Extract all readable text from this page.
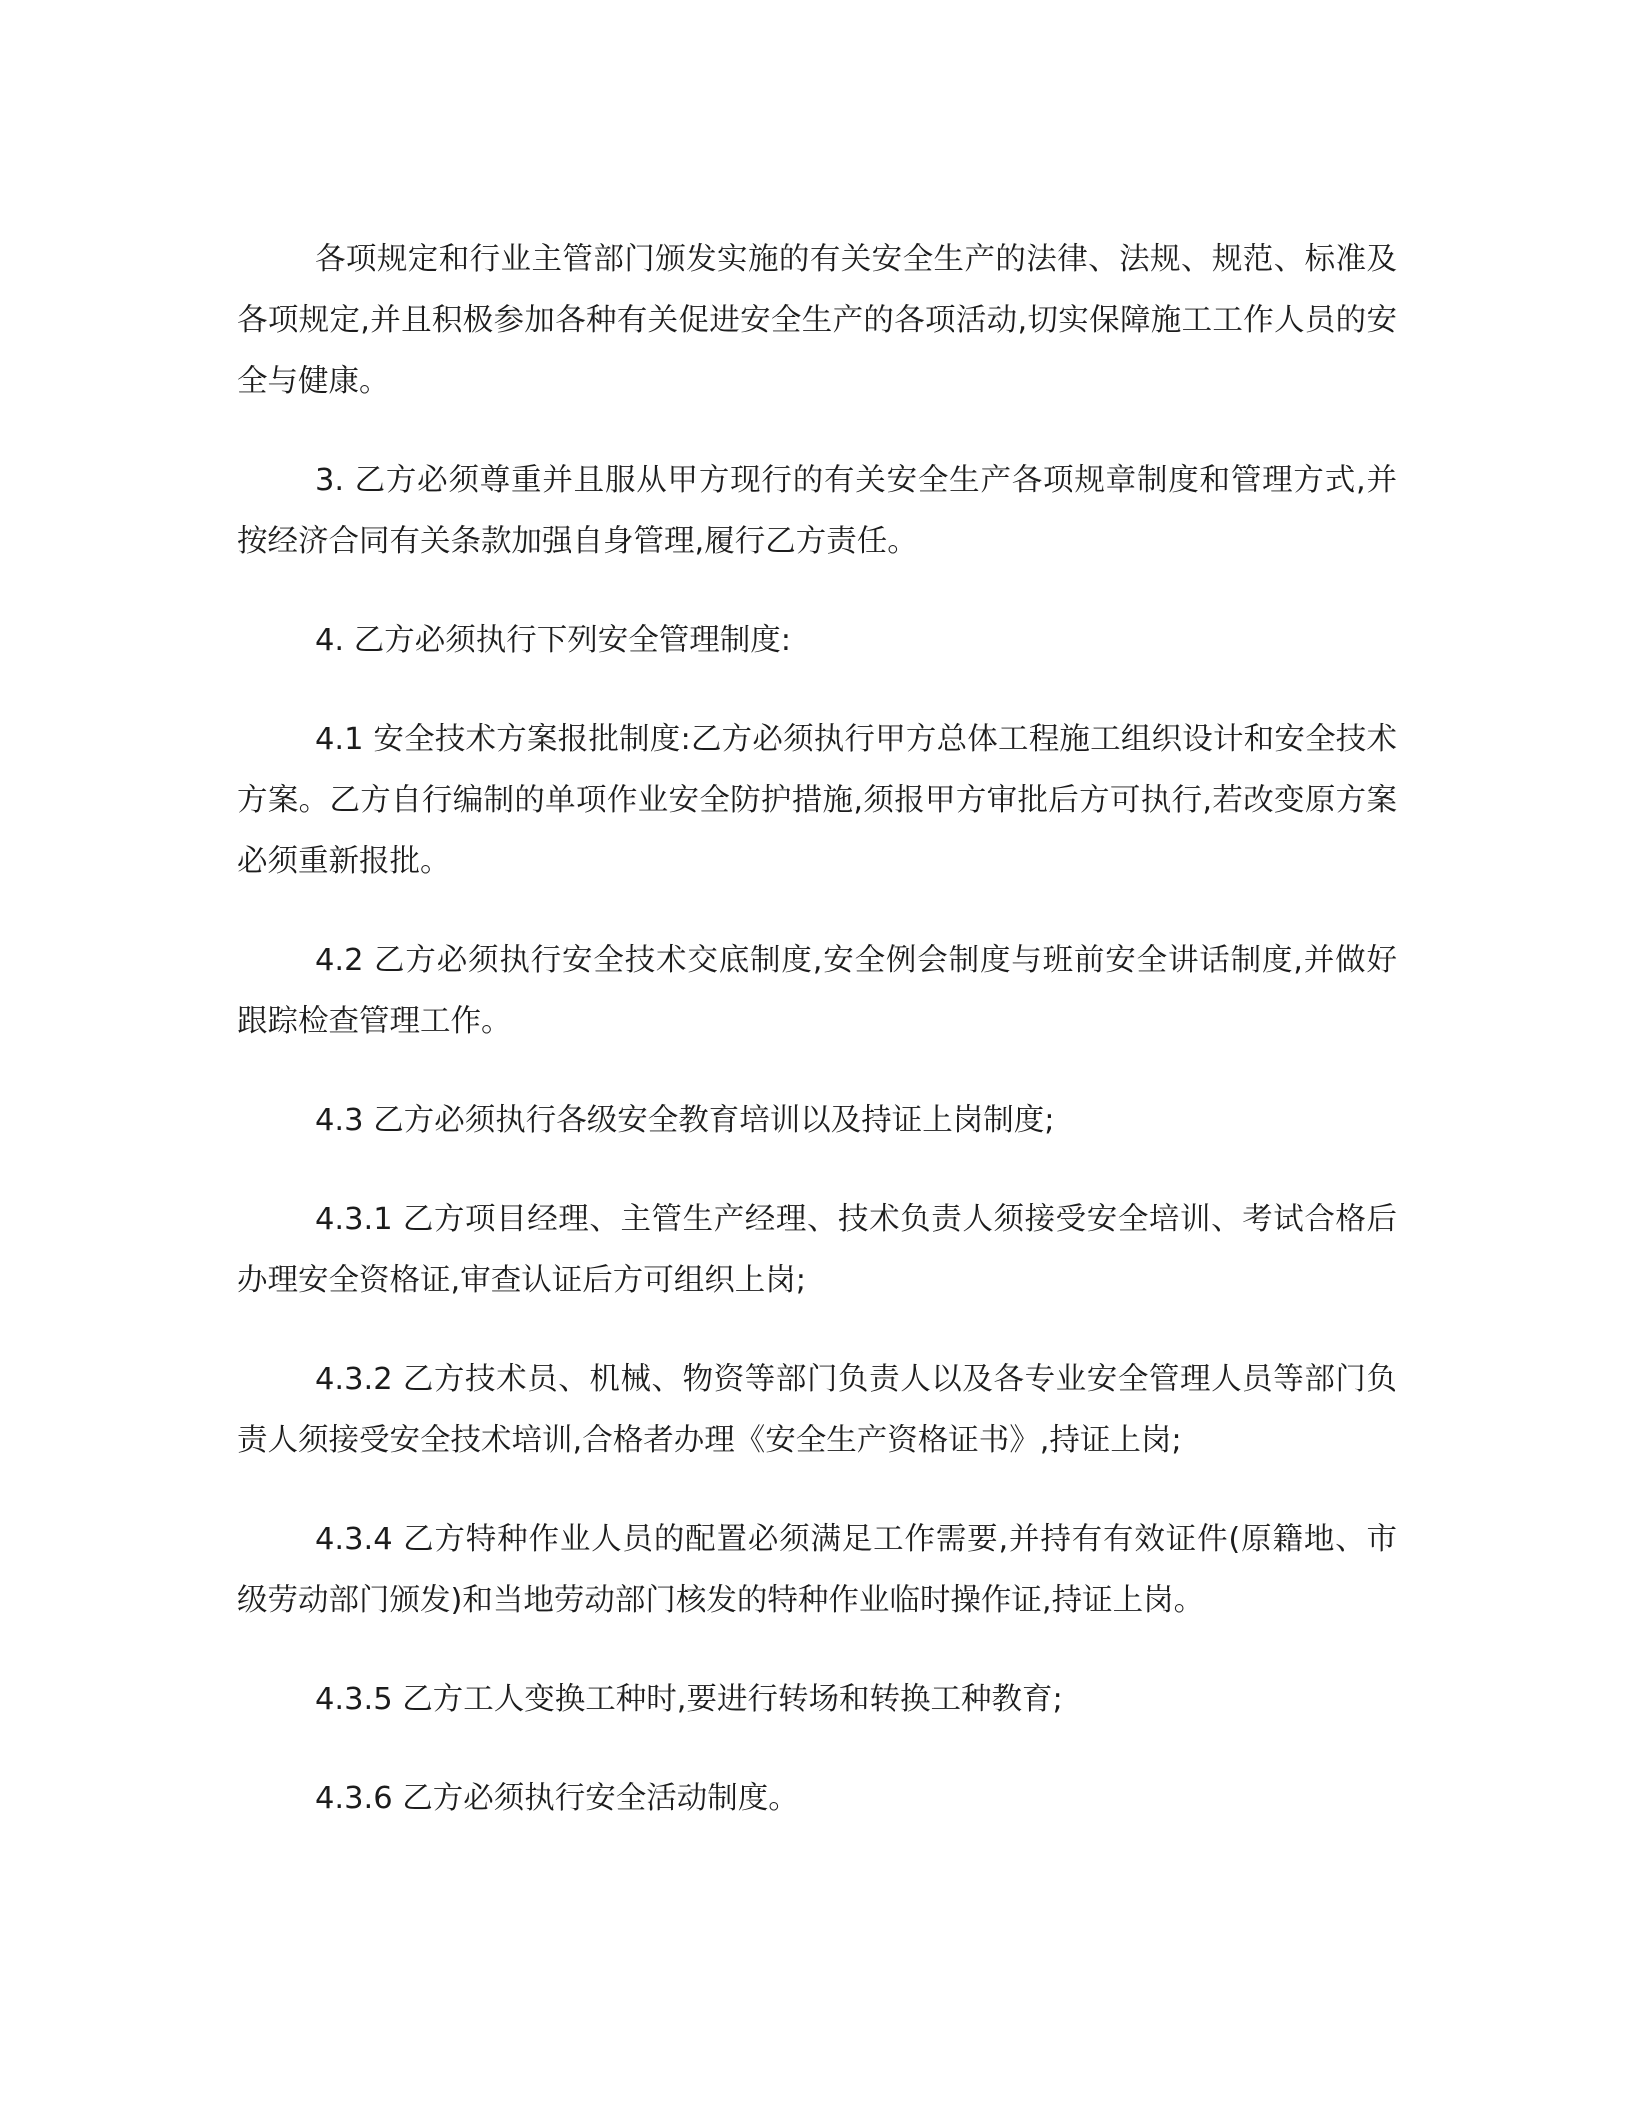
各项规定和行业主管部门颁发实施的有关安全生产的法律、法规、规范、标准及各项规定,并且积极参加各种有关促进安全生产的各项活动,切实保障施工工作人员的安全与健康。

3. 乙方必须尊重并且服从甲方现行的有关安全生产各项规章制度和管理方式,并按经济合同有关条款加强自身管理,履行乙方责任。

4. 乙方必须执行下列安全管理制度:

4.1 安全技术方案报批制度:乙方必须执行甲方总体工程施工组织设计和安全技术方案。乙方自行编制的单项作业安全防护措施,须报甲方审批后方可执行,若改变原方案必须重新报批。

4.2 乙方必须执行安全技术交底制度,安全例会制度与班前安全讲话制度,并做好跟踪检查管理工作。

4.3 乙方必须执行各级安全教育培训以及持证上岗制度;

4.3.1 乙方项目经理、主管生产经理、技术负责人须接受安全培训、考试合格后办理安全资格证,审查认证后方可组织上岗;

4.3.2 乙方技术员、机械、物资等部门负责人以及各专业安全管理人员等部门负责人须接受安全技术培训,合格者办理《安全生产资格证书》,持证上岗;

4.3.4 乙方特种作业人员的配置必须满足工作需要,并持有有效证件(原籍地、市级劳动部门颁发)和当地劳动部门核发的特种作业临时操作证,持证上岗。

4.3.5 乙方工人变换工种时,要进行转场和转换工种教育;

4.3.6 乙方必须执行安全活动制度。
